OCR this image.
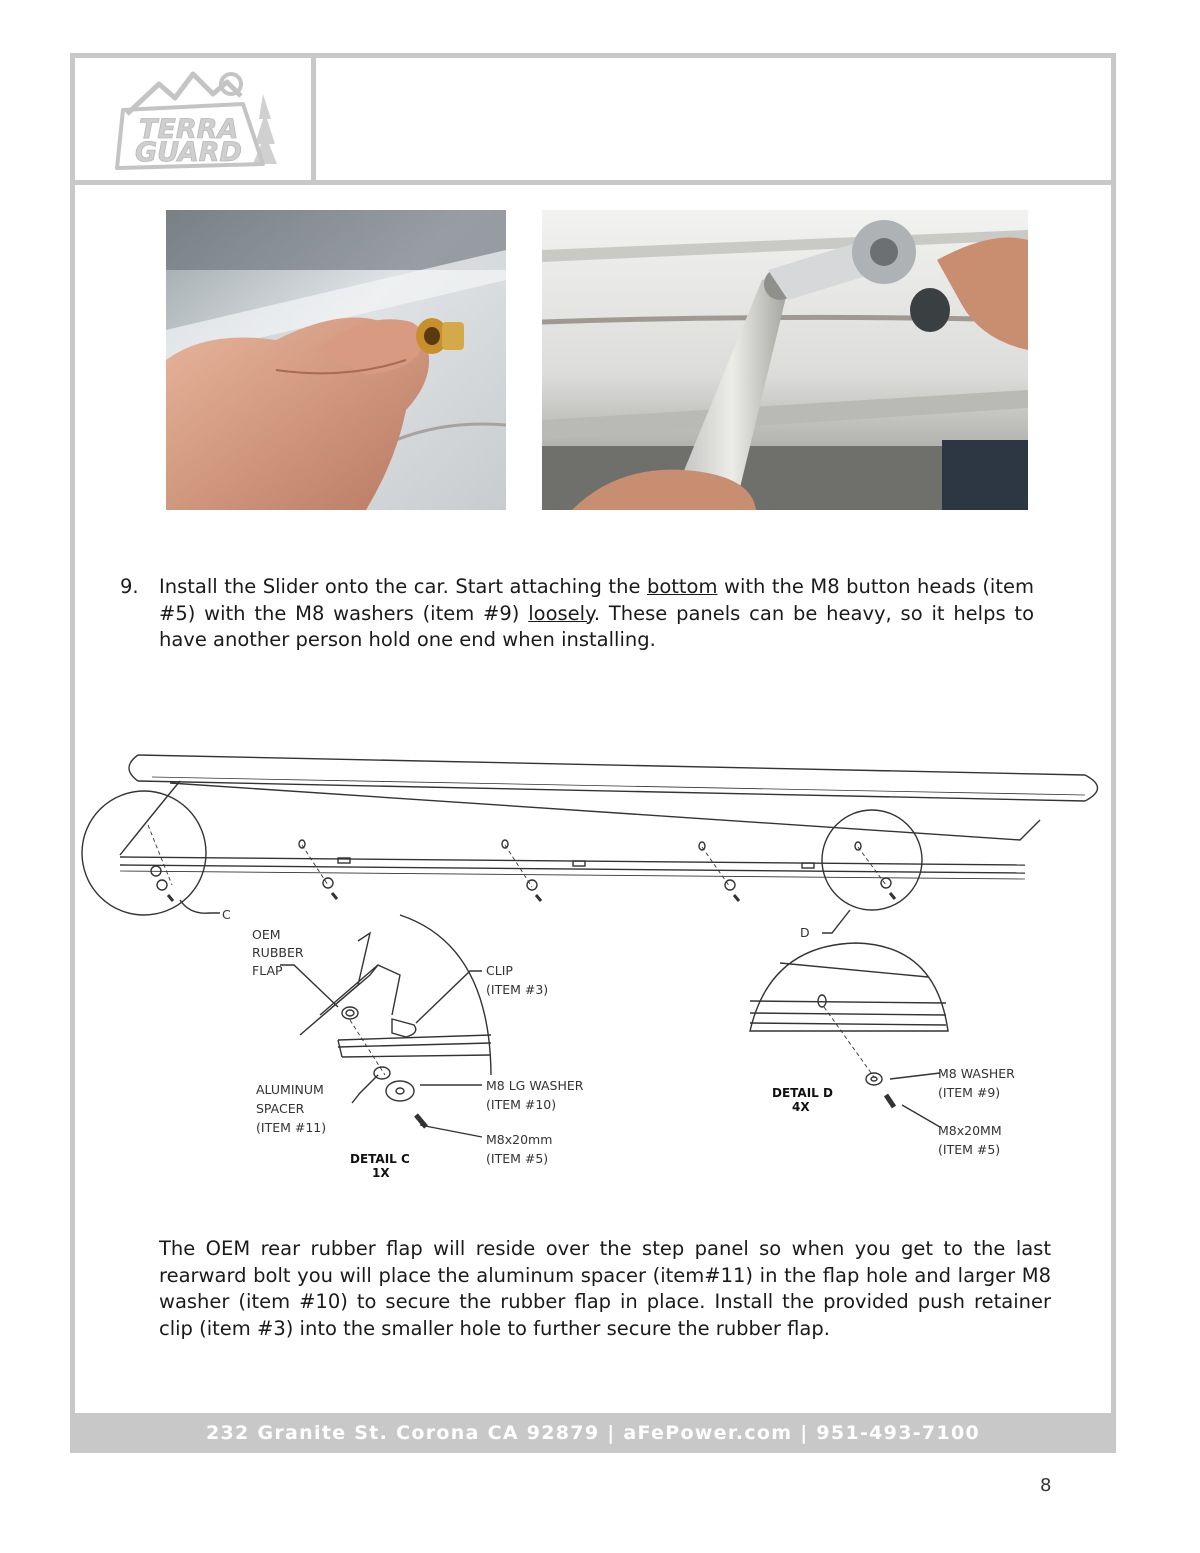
TERRA
GUARD
9. Install the Slider onto the car. Start attaching the bottom with the M8 button heads (item #5) with the M8 washers (item #9) loosely. These panels can be heavy, so it helps to have another person hold one end when installing.
C
D
OEM
RUBBER
FLAP	CLIP
(ITEM #3)
ALUMINUM
SPACER
(ITEM #11)
M8 LG WASHER
(ITEM #10)
M8x20mm
(ITEM #5)
DETAIL C
1X
M8 WASHER
(ITEM #9)
DETAIL D
4X
M8x20MM
(ITEM #5)
The OEM rear rubber flap will reside over the step panel so when you get to the last rearward bolt you will place the aluminum spacer (item#11) in the flap hole and larger M8 washer (item #10) to secure the rubber flap in place. Install the provided push retainer clip (item #3) into the smaller hole to further secure the rubber flap.
232 Granite St. Corona CA 92879 | aFePower.com | 951-493-7100
8
